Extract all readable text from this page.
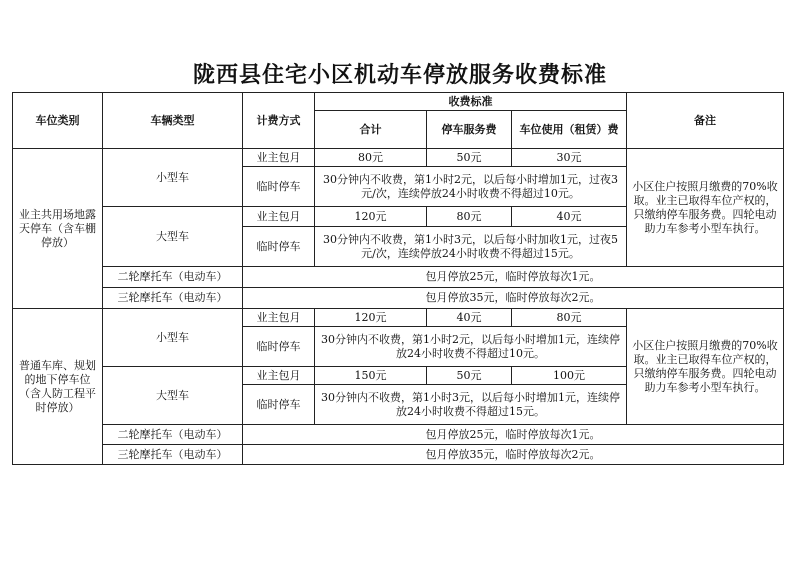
陇西县住宅小区机动车停放服务收费标准
车位类别	车辆类型	计费方式	收费标准			备注
			合计	停车服务费	车位使用（租赁）费	
业主共用场地露天停车（含车棚停放）	小型车	业主包月	80元	50元	30元	小区住户按照月缴费的70%收取。业主已取得车位产权的，只缴纳停车服务费。四轮电动助力车参考小型车执行。
		临时停车	30分钟内不收费，第1小时2元，以后每小时增加1元，过夜3元/次，连续停放24小时收费不得超过10元。			
	大型车	业主包月	120元	80元	40元	
		临时停车	30分钟内不收费，第1小时3元，以后每小时加收1元，过夜5元/次，连续停放24小时收费不得超过15元。			
	二轮摩托车（电动车）	包月停放25元，临时停放每次1元。				
	三轮摩托车（电动车）	包月停放35元，临时停放每次2元。				
普通车库、规划的地下停车位（含人防工程平时停放）	小型车	业主包月	120元	40元	80元	小区住户按照月缴费的70%收取。业主已取得车位产权的，只缴纳停车服务费。四轮电动助力车参考小型车执行。
		临时停车	30分钟内不收费，第1小时2元，以后每小时增加1元，连续停放24小时收费不得超过10元。			
	大型车	业主包月	150元	50元	100元	
		临时停车	30分钟内不收费，第1小时3元，以后每小时增加1元，连续停放24小时收费不得超过15元。			
	二轮摩托车（电动车）	包月停放25元，临时停放每次1元。				
	三轮摩托车（电动车）	包月停放35元，临时停放每次2元。				
